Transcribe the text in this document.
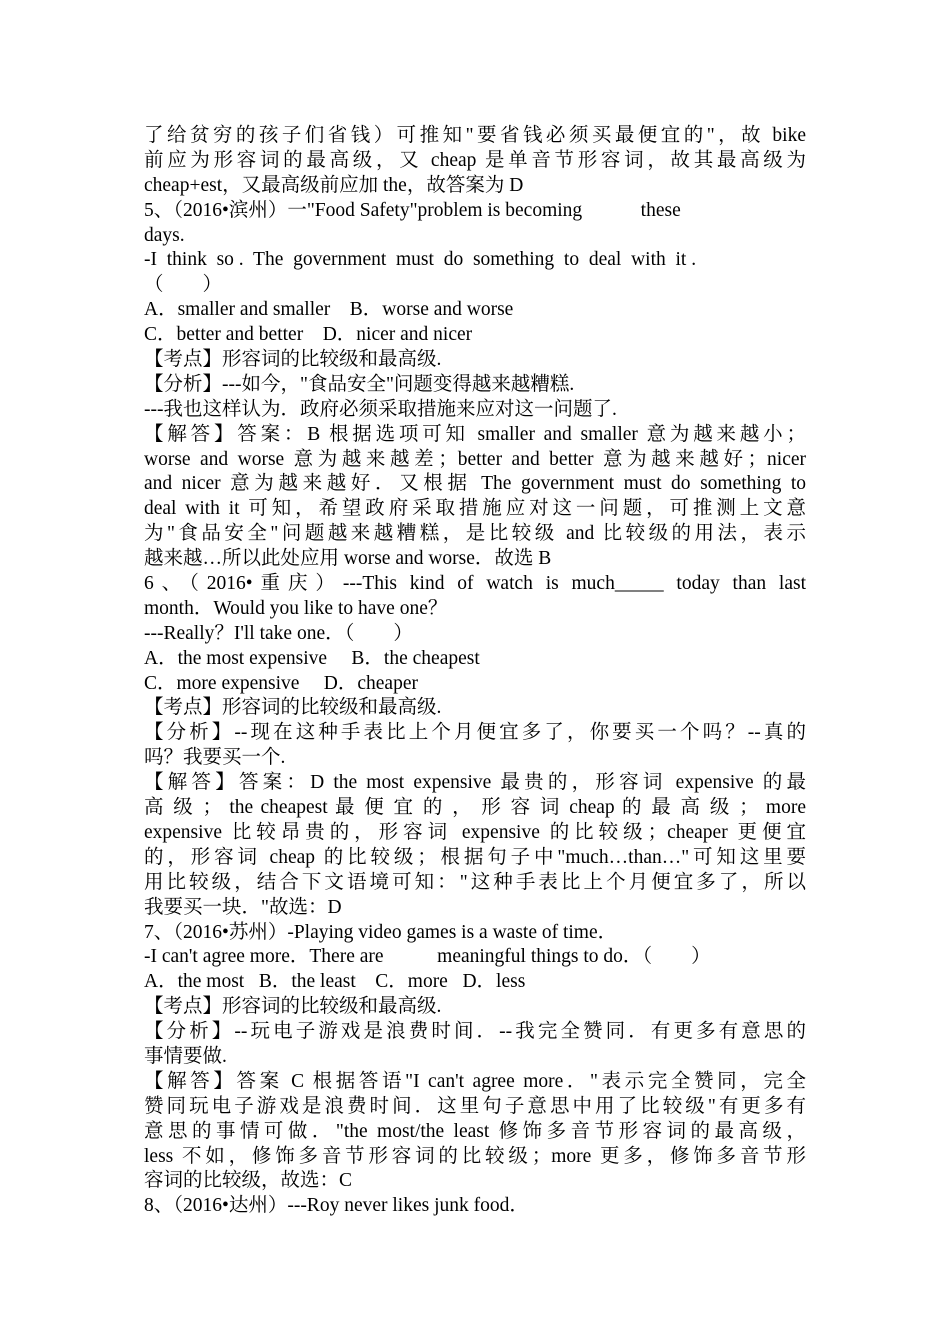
了给贫穷的孩子们省钱）可推知"要省钱必须买最便宜的"，故 bike
前应为形容词的最高级，又 cheap 是单音节形容词，故其最高级为
cheap+est，又最高级前应加 the，故答案为 D
5、（2016•滨州）一"Food Safety"problem is becoming            these
days.
-I  think  so .  The  government  must  do  something  to  deal  with  it .
（        ）
A．smaller and smaller    B．worse and worse
C．better and better    D．nicer and nicer
【考点】形容词的比较级和最高级.
【分析】---如今，"食品安全"问题变得越来越糟糕.
---我也这样认为．政府必须采取措施来应对这一问题了.
【解答】答案：B 根据选项可知 smaller and smaller 意为越来越小；
worse and worse 意为越来越差；better and better 意为越来越好；nicer
and nicer 意为越来越好．又根据 The government must do something to
deal with it 可知，希望政府采取措施应对这一问题，可推测上文意
为"食品安全"问题越来越糟糕，是比较级 and 比较级的用法，表示
越来越…所以此处应用 worse and worse．故选 B
6、（2016•重庆）---This kind of watch is much_____ today than last
month．Would you like to have one？
---Really？I'll take one．（        ）
A．the most expensive     B．the cheapest
C．more expensive     D．cheaper
【考点】形容词的比较级和最高级.
【分析】--现在这种手表比上个月便宜多了，你要买一个吗？--真的
吗？我要买一个.
【解答】答案：D the most expensive 最贵的，形容词 expensive 的最
高 级 ； the cheapest 最 便 宜 的 ， 形 容 词 cheap 的 最 高 级 ； more
expensive 比较昂贵的，形容词 expensive 的比较级；cheaper 更便宜
的，形容词 cheap 的比较级；根据句子中"much…than…"可知这里要
用比较级，结合下文语境可知："这种手表比上个月便宜多了，所以
我要买一块．"故选：D
7、（2016•苏州）-Playing video games is a waste of time．
-I can't agree more．There are           meaningful things to do．（        ）
A．the most   B．the least    C．more   D．less
【考点】形容词的比较级和最高级.
【分析】--玩电子游戏是浪费时间．--我完全赞同．有更多有意思的
事情要做.
【解答】答案 C 根据答语"I can't agree more．"表示完全赞同，完全
赞同玩电子游戏是浪费时间．这里句子意思中用了比较级"有更多有
意思的事情可做．"the most/the least 修饰多音节形容词的最高级，
less 不如，修饰多音节形容词的比较级；more 更多，修饰多音节形
容词的比较级，故选：C
8、（2016•达州）---Roy never likes junk food．
